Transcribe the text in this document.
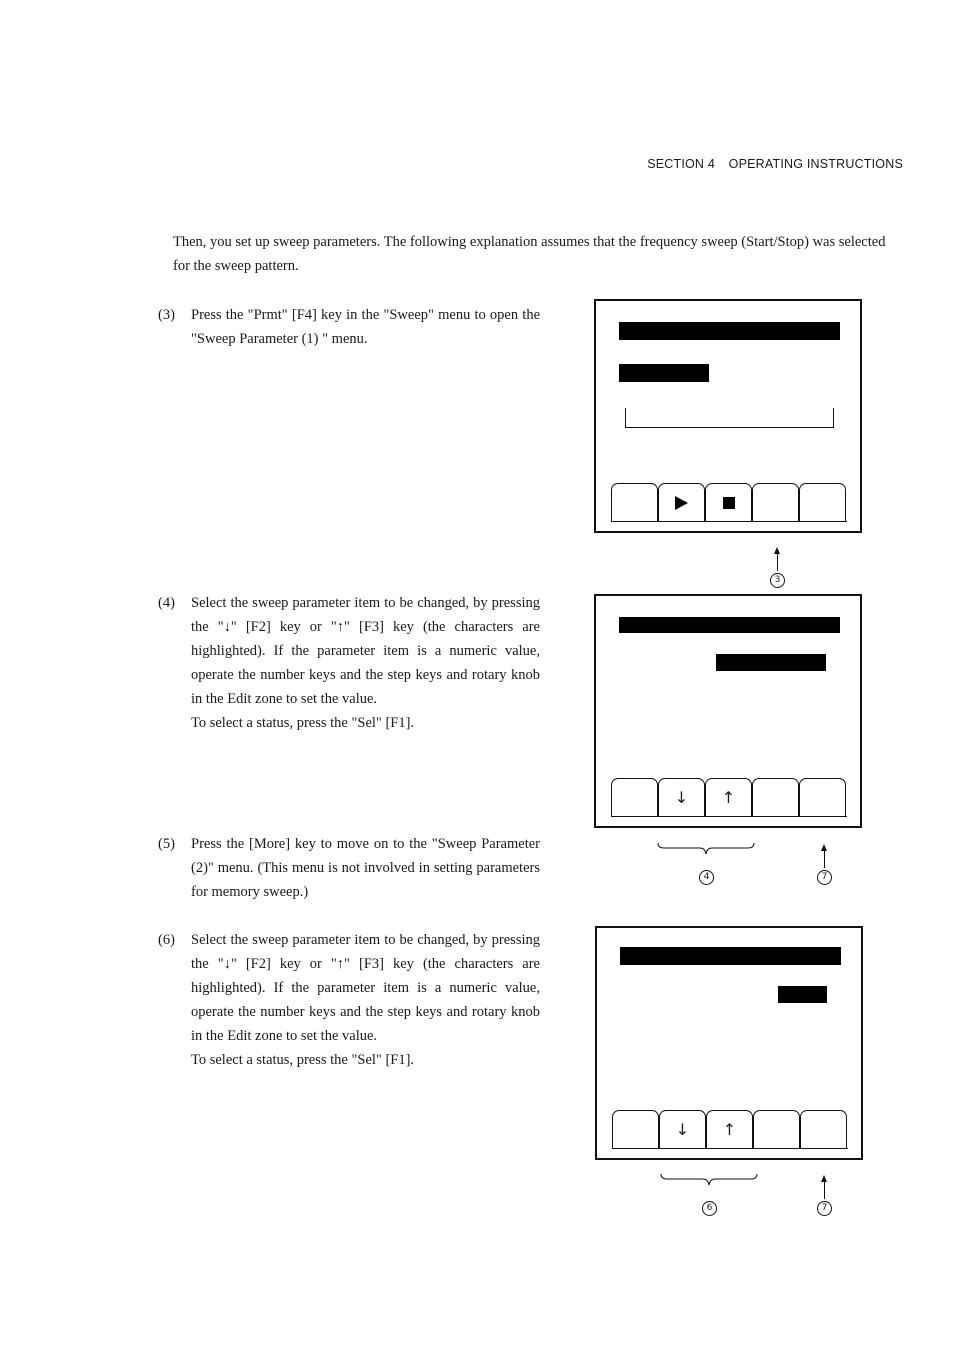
SECTION 4 OPERATING INSTRUCTIONS
Then, you set up sweep parameters. The following explanation assumes that the frequency sweep (Start/Stop) was selected for the sweep pattern.
(3) Press the "Prmt" [F4] key in the "Sweep" menu to open the "Sweep Parameter (1) " menu.

(4) Select the sweep parameter item to be changed, by pressing the "↓" [F2] key or "↑" [F3] key (the characters are highlighted). If the parameter item is a numeric value, operate the number keys and the step keys and rotary knob in the Edit zone to set the value.

To select a status, press the "Sel" [F1].

(5) Press the [More] key to move on to the "Sweep Parameter (2)" menu. (This menu is not involved in setting parameters for memory sweep.)

(6) Select the sweep parameter item to be changed, by pressing the "↓" [F2] key or "↑" [F3] key (the characters are highlighted). If the parameter item is a numeric value, operate the number keys and the step keys and rotary knob in the Edit zone to set the value.

To select a status, press the "Sel" [F1].

↓ ↑
↓ ↑
3
4	7
6	7
